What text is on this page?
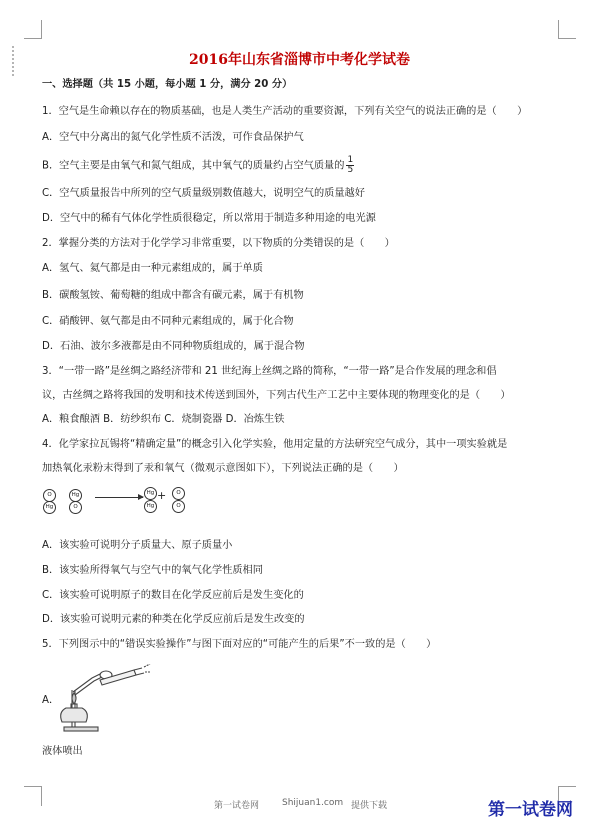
2016年山东省淄博市中考化学试卷
一、选择题（共 15 小题，每小题 1 分，满分 20 分）
1．空气是生命赖以存在的物质基础，也是人类生产活动的重要资源，下列有关空气的说法正确的是（　　）
A．空气中分离出的氮气化学性质不活泼，可作食品保护气
B．空气主要是由氧气和氮气组成，其中氧气的质量约占空气质量的 $\frac{1}{5}$
C．空气质量报告中所列的空气质量级别数值越大，说明空气的质量越好
D．空气中的稀有气体化学性质很稳定，所以常用于制造多种用途的电光源
2．掌握分类的方法对于化学学习非常重要，以下物质的分类错误的是（　　）
A．氢气、氦气都是由一种元素组成的，属于单质
B．碳酸氢铵、葡萄糖的组成中都含有碳元素，属于有机物
C．硝酸钾、氨气都是由不同种元素组成的，属于化合物
D．石油、波尔多液都是由不同种物质组成的，属于混合物
3．“一带一路”是丝绸之路经济带和 21 世纪海上丝绸之路的简称，“一带一路”是合作发展的理念和倡
议，古丝绸之路将我国的发明和技术传送到国外，下列古代生产工艺中主要体现的物理变化的是（　　）
A．粮食酿酒 B．纺纱织布 C．烧制瓷器 D．冶炼生铁
4．化学家拉瓦锡将“精确定量”的概念引入化学实验，他用定量的方法研究空气成分，其中一项实验就是
加热氧化汞粉末得到了汞和氧气（微观示意图如下），下列说法正确的是（　　）
O
Hg
Hg
O
Hg
Hg
+	O
O
A．该实验可说明分子质量大、原子质量小
B．该实验所得氧气与空气中的氧气化学性质相同
C．该实验可说明原子的数目在化学反应前后是发生变化的
D．该实验可说明元素的种类在化学反应前后是发生改变的
5．下列图示中的“错误实验操作”与图下面对应的“可能产生的后果”不一致的是（　　）
A．
液体喷出
第一试卷网	Shijuan1.com 提供下载	第一试卷网
